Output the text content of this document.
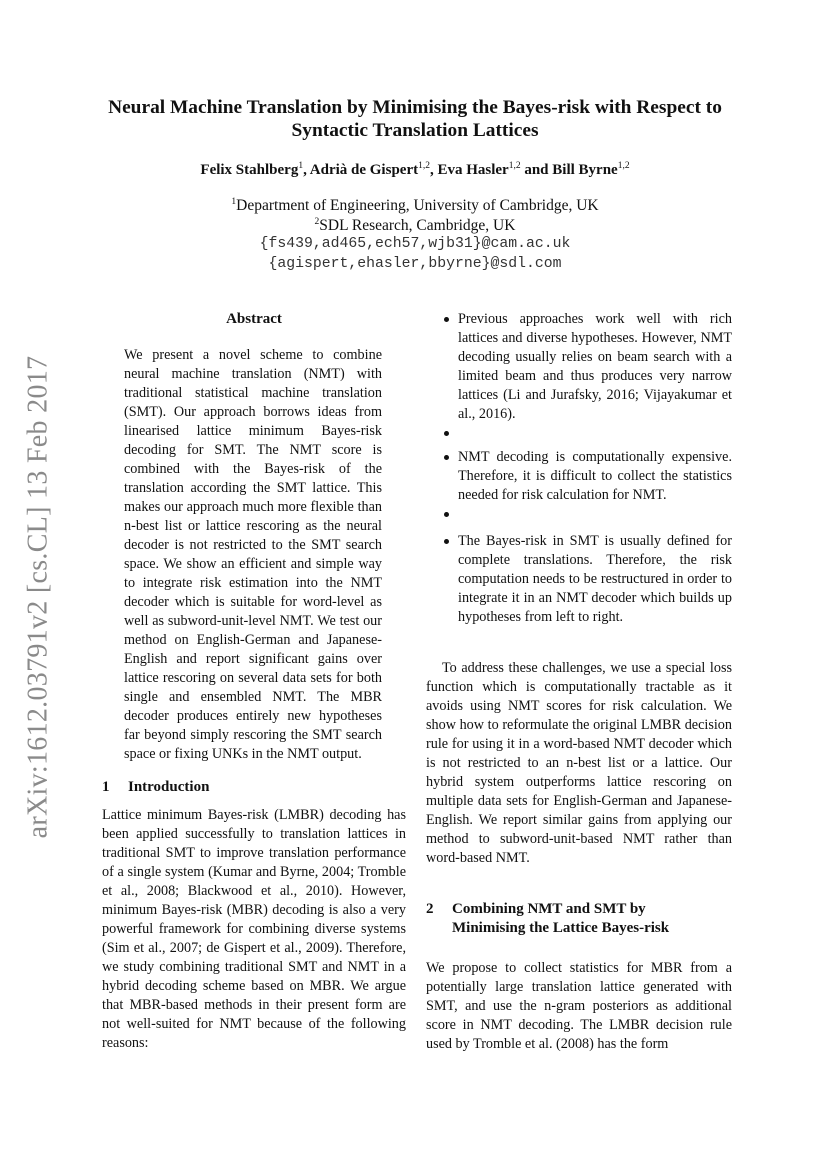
arXiv:1612.03791v2 [cs.CL] 13 Feb 2017
Neural Machine Translation by Minimising the Bayes-risk with Respect to
Syntactic Translation Lattices
Felix Stahlberg$^1$, Adrià de Gispert$^{1,2}$, Eva Hasler$^{1,2}$ and Bill Byrne$^{1,2}$
$^1$Department of Engineering, University of Cambridge, UK
$^2$SDL Research, Cambridge, UK
{fs439,ad465,ech57,wjb31}@cam.ac.uk
{agispert,ehasler,bbyrne}@sdl.com
Abstract

We present a novel scheme to combine neural machine translation (NMT) with traditional statistical machine translation (SMT). Our approach borrows ideas from linearised lattice minimum Bayes-risk decoding for SMT. The NMT score is combined with the Bayes-risk of the translation according the SMT lattice. This makes our approach much more flexible than n-best list or lattice rescoring as the neural decoder is not restricted to the SMT search space. We show an efficient and simple way to integrate risk estimation into the NMT decoder which is suitable for word-level as well as subword-unit-level NMT. We test our method on English-German and Japanese-English and report significant gains over lattice rescoring on several data sets for both single and ensembled NMT. The MBR decoder produces entirely new hypotheses far beyond simply rescoring the SMT search space or fixing UNKs in the NMT output.

1	Introduction

Lattice minimum Bayes-risk (LMBR) decoding has been applied successfully to translation lattices in traditional SMT to improve translation performance of a single system (Kumar and Byrne, 2004; Tromble et al., 2008; Blackwood et al., 2010). However, minimum Bayes-risk (MBR) decoding is also a very powerful framework for combining diverse systems (Sim et al., 2007; de Gispert et al., 2009). Therefore, we study combining traditional SMT and NMT in a hybrid decoding scheme based on MBR. We argue that MBR-based methods in their present form are not well-suited for NMT because of the following reasons:

Previous approaches work well with rich lattices and diverse hypotheses. However, NMT decoding usually relies on beam search with a limited beam and thus produces very narrow lattices (Li and Jurafsky, 2016; Vijayakumar et al., 2016).
NMT decoding is computationally expensive. Therefore, it is difficult to collect the statistics needed for risk calculation for NMT.
The Bayes-risk in SMT is usually defined for complete translations. Therefore, the risk computation needs to be restructured in order to integrate it in an NMT decoder which builds up hypotheses from left to right.

To address these challenges, we use a special loss function which is computationally tractable as it avoids using NMT scores for risk calculation. We show how to reformulate the original LMBR decision rule for using it in a word-based NMT decoder which is not restricted to an n-best list or a lattice. Our hybrid system outperforms lattice rescoring on multiple data sets for English-German and Japanese-English. We report similar gains from applying our method to subword-unit-based NMT rather than word-based NMT.

2	Combining NMT and SMT by
Minimising the Lattice Bayes-risk

We propose to collect statistics for MBR from a potentially large translation lattice generated with SMT, and use the n-gram posteriors as additional score in NMT decoding. The LMBR decision rule used by Tromble et al. (2008) has the form
